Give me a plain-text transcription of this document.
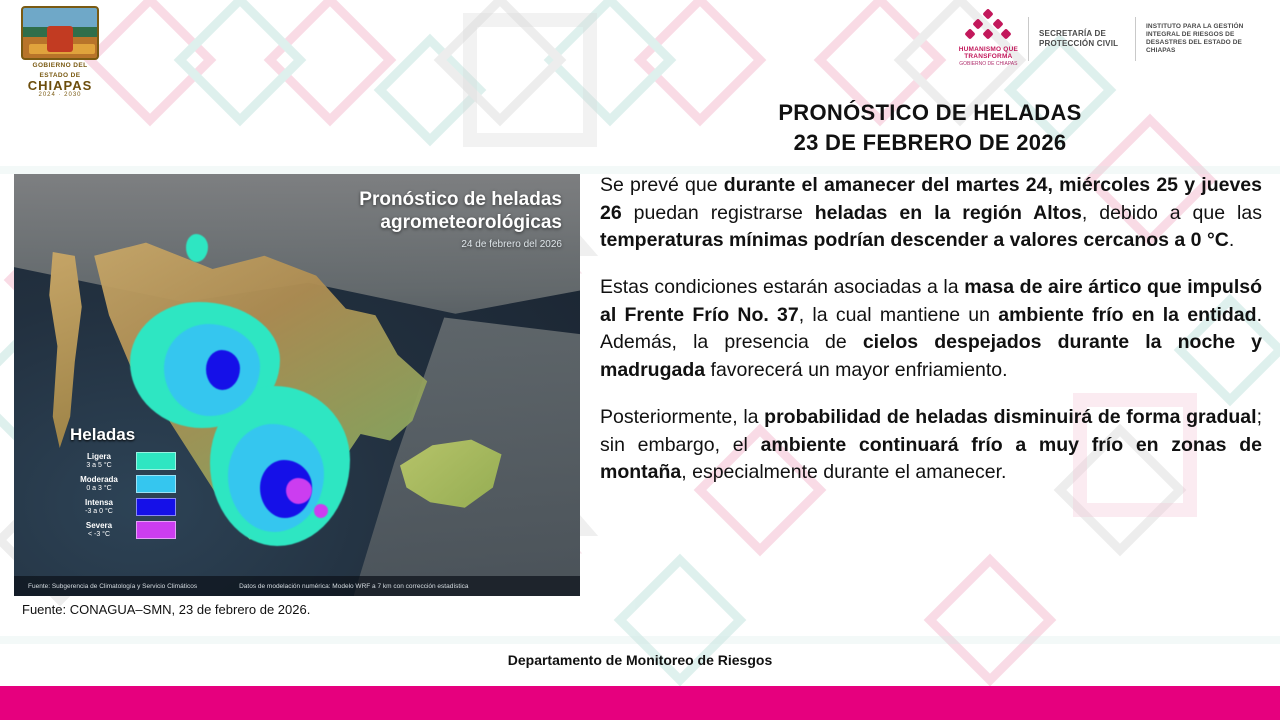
GOBIERNO DEL
ESTADO DE
CHIAPAS
2024 · 2030
HUMANISMO QUE
TRANSFORMA
GOBIERNO DE CHIAPAS
SECRETARÍA DE PROTECCIÓN CIVIL
INSTITUTO PARA LA GESTIÓN INTEGRAL DE RIESGOS DE DESASTRES DEL ESTADO DE CHIAPAS
PRONÓSTICO DE HELADAS
23 DE FEBRERO DE 2026
Pronóstico de heladas
agrometeorológicas
24 de febrero del 2026
Heladas
Ligera
3 a 5 °C
Moderada
0 a 3 °C
Intensa
-3 a 0 °C
Severa
< -3 °C
Fuente: Subgerencia de Climatología y Servicio Climáticos	Datos de modelación numérica: Modelo WRF a 7 km con corrección estadística
Fuente: CONAGUA–SMN, 23 de febrero de 2026.

Se prevé que durante el amanecer del martes 24, miércoles 25 y jueves 26 puedan registrarse heladas en la región Altos, debido a que las temperaturas mínimas podrían descender a valores cercanos a 0 °C.

Estas condiciones estarán asociadas a la masa de aire ártico que impulsó al Frente Frío No. 37, la cual mantiene un ambiente frío en la entidad. Además, la presencia de cielos despejados durante la noche y madrugada favorecerá un mayor enfriamiento.

Posteriormente, la probabilidad de heladas disminuirá de forma gradual; sin embargo, el ambiente continuará frío a muy frío en zonas de montaña, especialmente durante el amanecer.

Departamento de Monitoreo de Riesgos
